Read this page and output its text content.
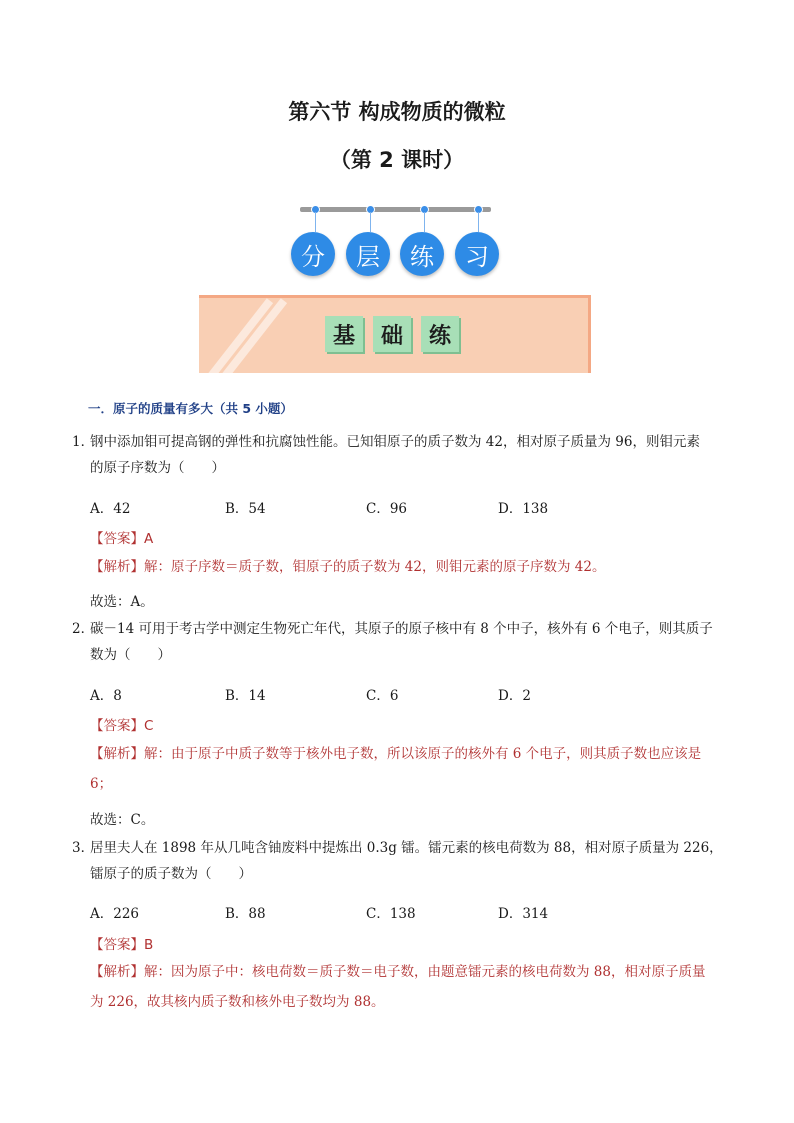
第六节 构成物质的微粒
（第 2 课时）
分	层	练	习
基	础	练
一．原子的质量有多大（共 5 小题）
1．
钢中添加钼可提高钢的弹性和抗腐蚀性能。已知钼原子的质子数为 42，相对原子质量为 96，则钼元素
的原子序数为（　　）
A．42	B．54	C．96	D．138
【答案】A
【解析】解：原子序数＝质子数，钼原子的质子数为 42，则钼元素的原子序数为 42。
故选：A。
2．
碳－14 可用于考古学中测定生物死亡年代，其原子的原子核中有 8 个中子，核外有 6 个电子，则其质子
数为（　　）
A．8	B．14	C．6	D．2
【答案】C
【解析】解：由于原子中质子数等于核外电子数，所以该原子的核外有 6 个电子，则其质子数也应该是
6；
故选：C。
3．
居里夫人在 1898 年从几吨含铀废料中提炼出 0.3g 镭。镭元素的核电荷数为 88，相对原子质量为 226，
镭原子的质子数为（　　）
A．226	B．88	C．138	D．314
【答案】B
【解析】解：因为原子中：核电荷数＝质子数＝电子数，由题意镭元素的核电荷数为 88，相对原子质量
为 226，故其核内质子数和核外电子数均为 88。
